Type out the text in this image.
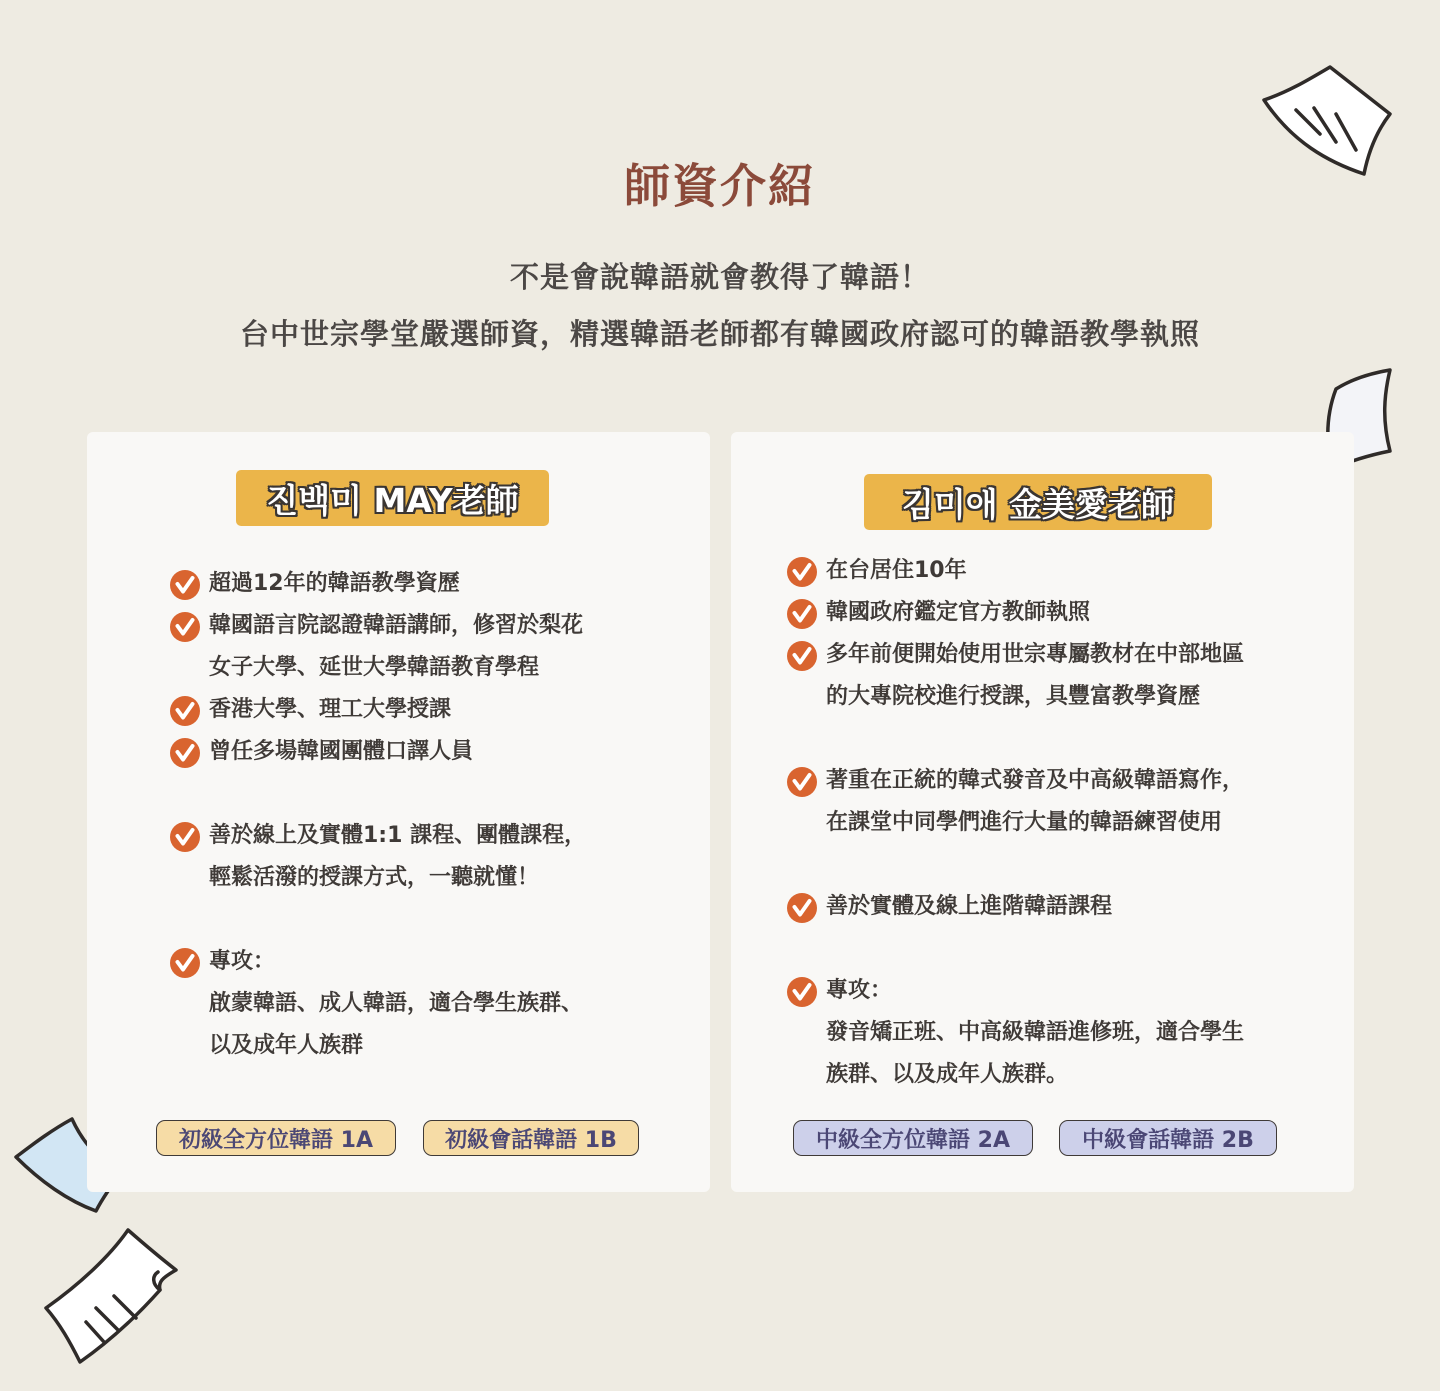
師資介紹
不是會說韓語就會教得了韓語！
台中世宗學堂嚴選師資，精選韓語老師都有韓國政府認可的韓語教學執照
진백미 MAY老師
超過12年的韓語教學資歷
韓國語言院認證韓語講師，修習於梨花
女子大學、延世大學韓語教育學程
香港大學、理工大學授課
曾任多場韓國團體口譯人員
善於線上及實體1:1 課程、團體課程，
輕鬆活潑的授課方式，一聽就懂！
專攻：
啟蒙韓語、成人韓語，適合學生族群、
以及成年人族群
初級全方位韓語 1A	初級會話韓語 1B
김미애 金美愛老師
在台居住10年
韓國政府鑑定官方教師執照
多年前便開始使用世宗專屬教材在中部地區
的大專院校進行授課，具豐富教學資歷
著重在正統的韓式發音及中高級韓語寫作，
在課堂中同學們進行大量的韓語練習使用
善於實體及線上進階韓語課程
專攻：
發音矯正班、中高級韓語進修班，適合學生
族群、以及成年人族群。
中級全方位韓語 2A	中級會話韓語 2B
